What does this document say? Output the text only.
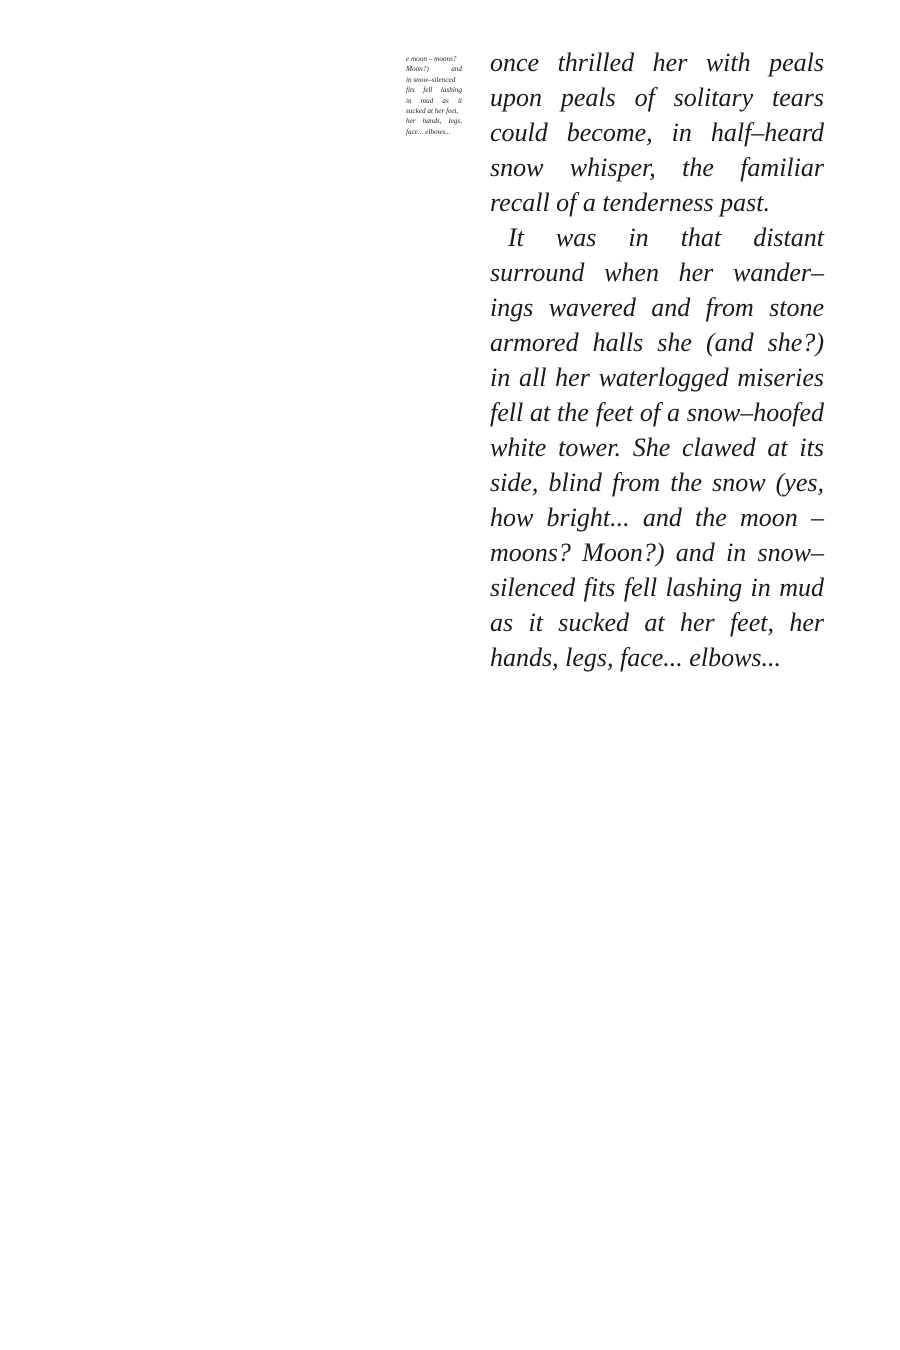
e moon – moons?
Moon?) and
in snow–silenced
fits fell lashing
in mud as it
sucked at her feet,
her hands, legs,
face... elbows...
once thrilled her with peals
upon peals of solitary tears
could become, in half–heard
snow whisper, the familiar
recall of a tenderness past.
It was in that distant
surround when her wander–
ings wavered and from stone
armored halls she (and she?)
in all her waterlogged miseries
fell at the feet of a snow–hoofed
white tower. She clawed at its
side, blind from the snow (yes,
how bright... and the moon –
moons? Moon?) and in snow–
silenced fits fell lashing in mud
as it sucked at her feet, her
hands, legs, face... elbows...
